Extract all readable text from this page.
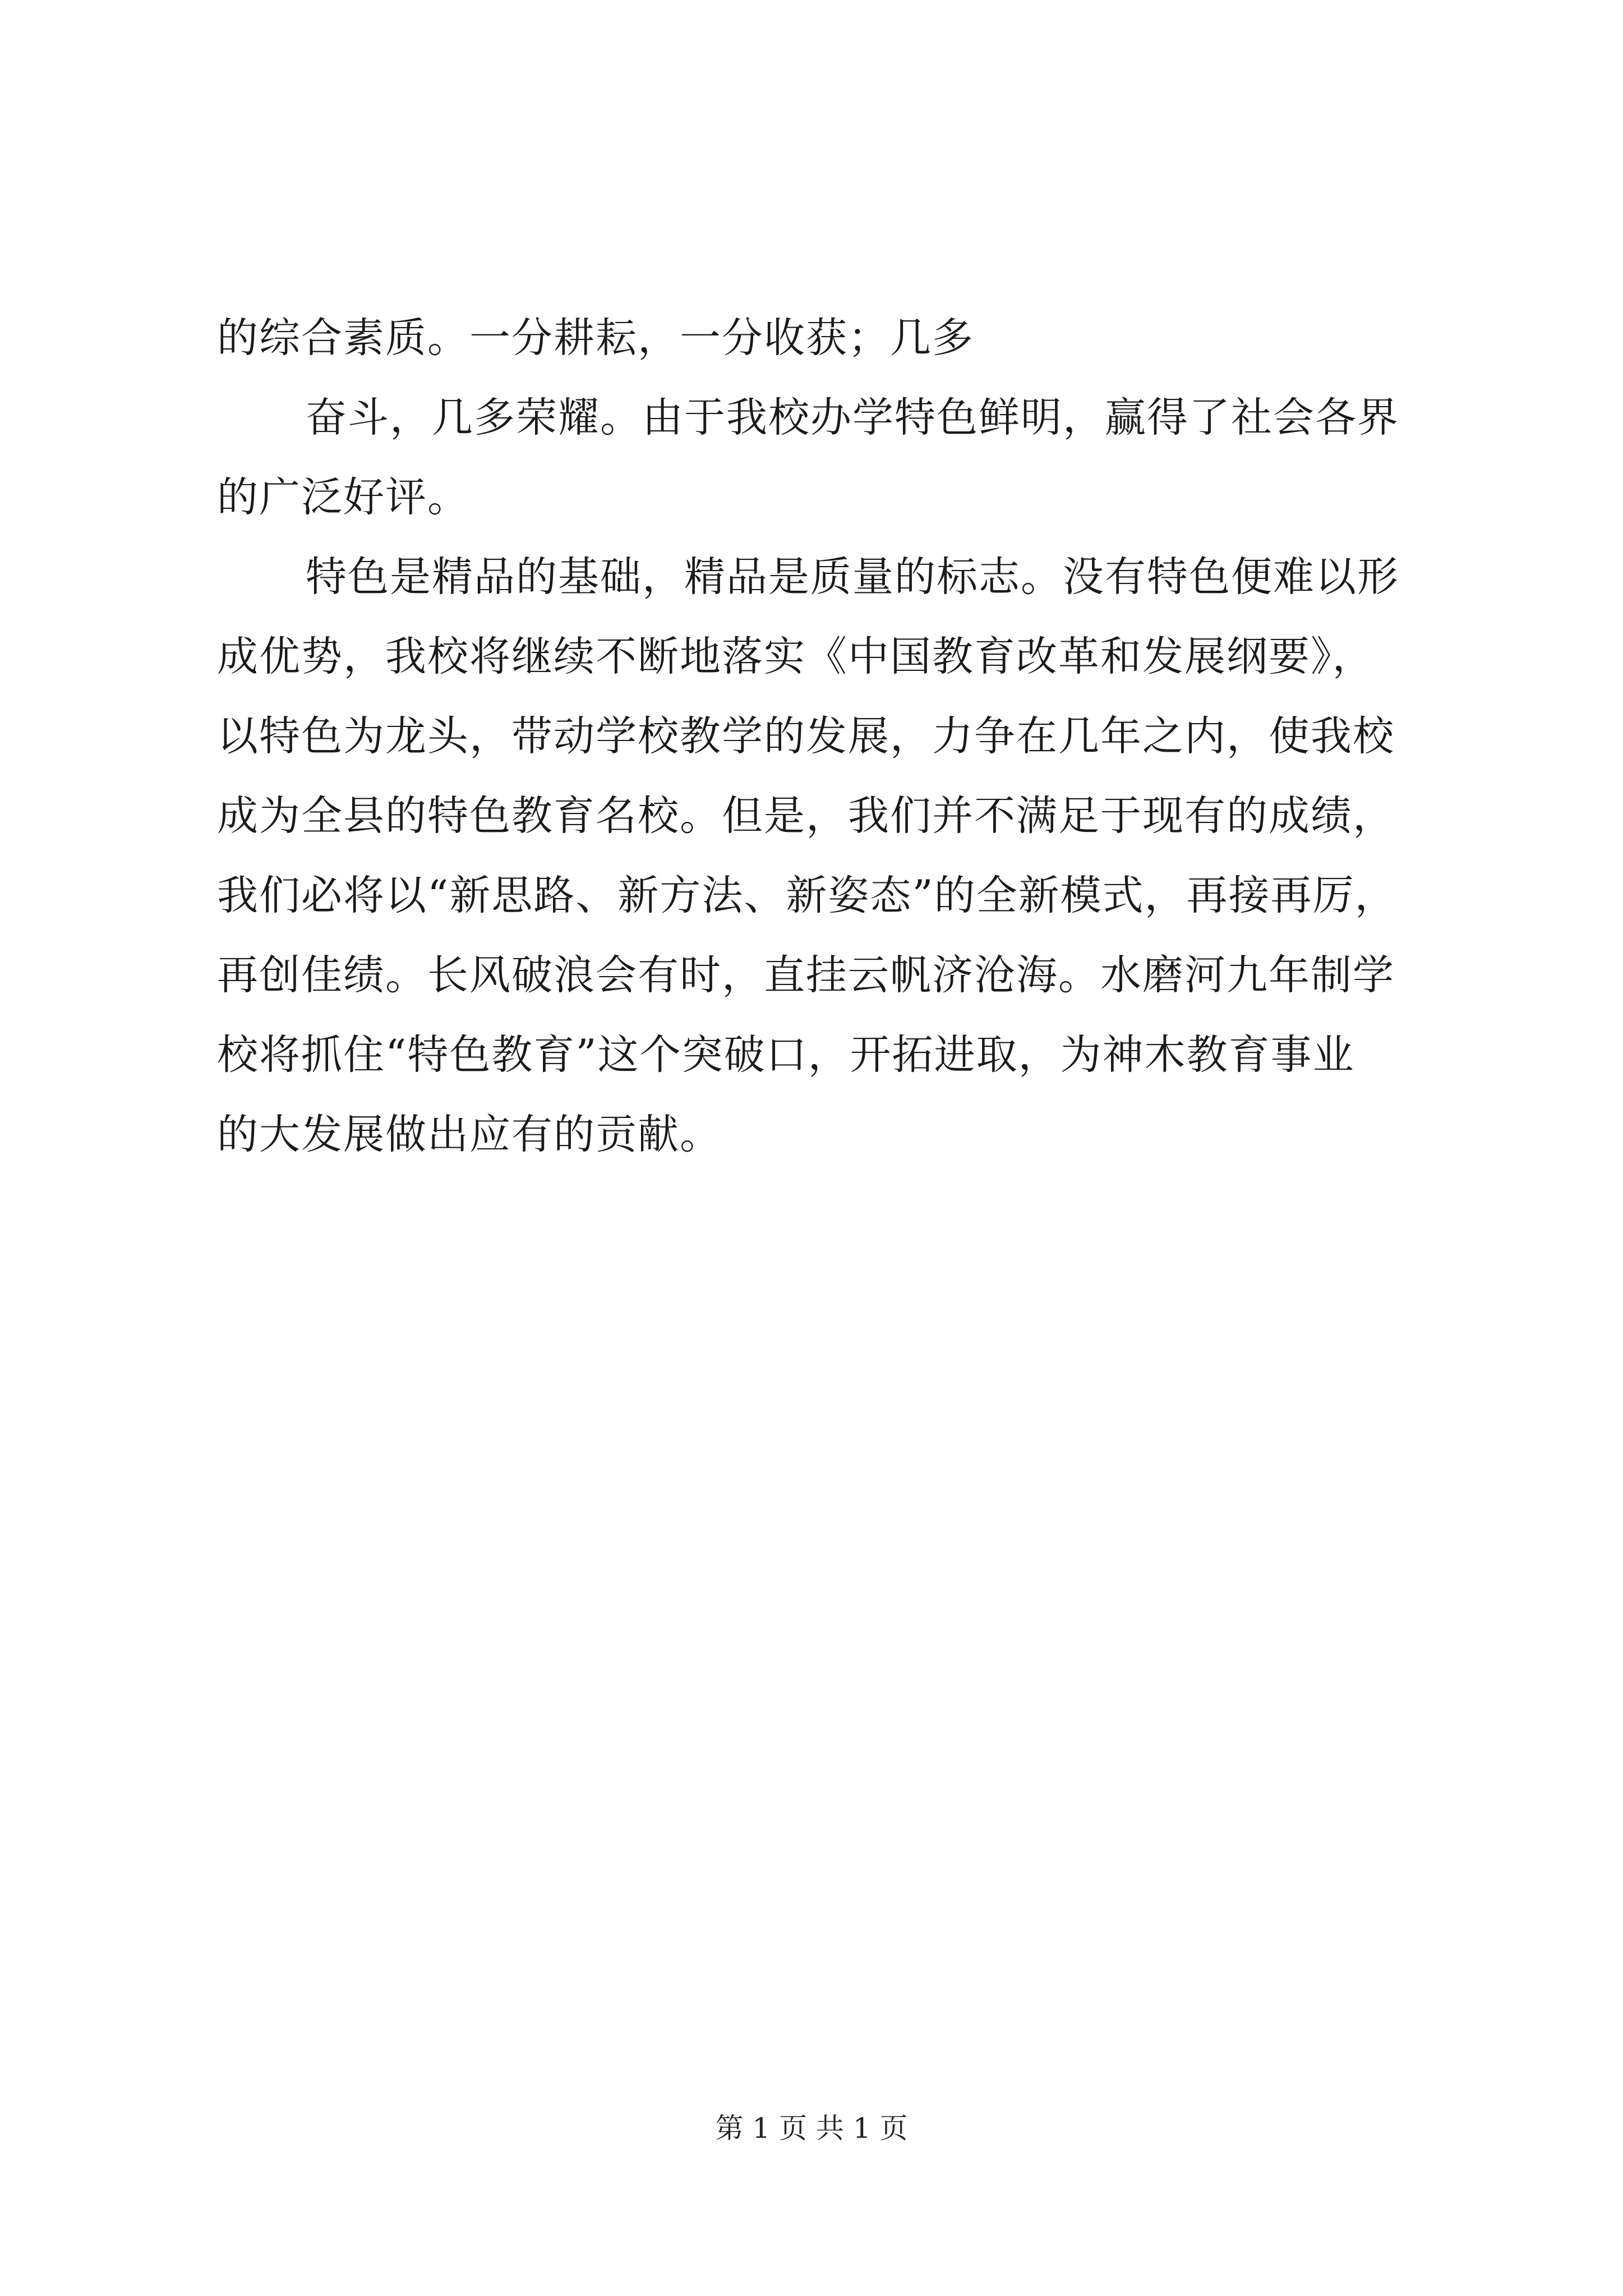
的综合素质。一分耕耘，一分收获；几多
奋斗，几多荣耀。由于我校办学特色鲜明，赢得了社会各界
的广泛好评。
特色是精品的基础，精品是质量的标志。没有特色便难以形
成优势，我校将继续不断地落实《中国教育改革和发展纲要》，
以特色为龙头，带动学校教学的发展，力争在几年之内，使我校
成为全县的特色教育名校。但是，我们并不满足于现有的成绩，
我们必将以“新思路、新方法、新姿态”的全新模式，再接再厉，
再创佳绩。长风破浪会有时，直挂云帆济沧海。水磨河九年制学
校将抓住“特色教育”这个突破口，开拓进取，为神木教育事业
的大发展做出应有的贡献。
第 1 页 共 1 页
